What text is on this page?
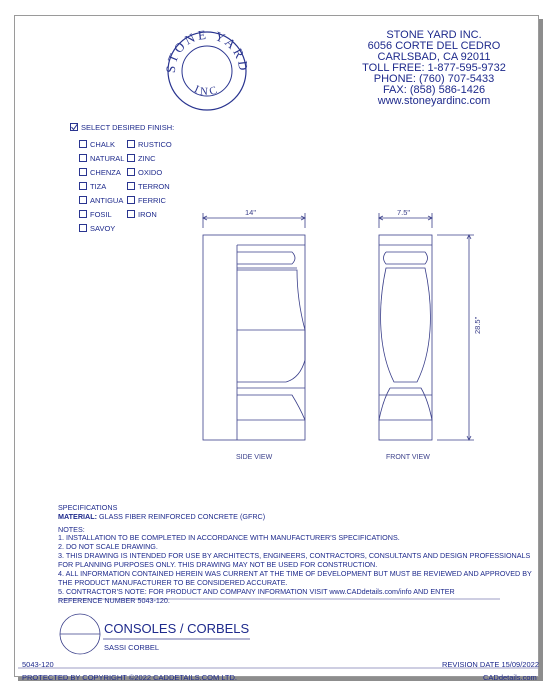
STONE YARD
INC
STONE YARD INC.
6056 CORTE DEL CEDRO
CARLSBAD, CA 92011
TOLL FREE: 1-877-595-9732
PHONE: (760) 707-5433
FAX: (858) 586-1426
www.stoneyardinc.com
SELECT DESIRED FINISH:
CHALK
NATURAL
CHENZA
TIZA
ANTIGUA
FOSIL
SAVOY
RUSTICO
ZINC
OXIDO
TERRON
FERRIC
IRON	14"	7.5"
28.5"
SIDE VIEW	FRONT VIEW
SPECIFICATIONS
MATERIAL: GLASS FIBER REINFORCED CONCRETE (GFRC)
NOTES:
1. INSTALLATION TO BE COMPLETED IN ACCORDANCE WITH MANUFACTURER'S SPECIFICATIONS.
2. DO NOT SCALE DRAWING.
3. THIS DRAWING IS INTENDED FOR USE BY ARCHITECTS, ENGINEERS, CONTRACTORS, CONSULTANTS AND DESIGN PROFESSIONALS
FOR PLANNING PURPOSES ONLY. THIS DRAWING MAY NOT BE USED FOR CONSTRUCTION.
4. ALL INFORMATION CONTAINED HEREIN WAS CURRENT AT THE TIME OF DEVELOPMENT BUT MUST BE REVIEWED AND APPROVED BY
THE PRODUCT MANUFACTURER TO BE CONSIDERED ACCURATE.
5. CONTRACTOR'S NOTE: FOR PRODUCT AND COMPANY INFORMATION VISIT www.CADdetails.com/info AND ENTER
REFERENCE NUMBER 5043-120.
CONSOLES / CORBELS
SASSI CORBEL
5043-120	REVISION DATE 15/09/2022
PROTECTED BY COPYRIGHT ©2022 CADDETAILS.COM LTD.	CADdetails.com
